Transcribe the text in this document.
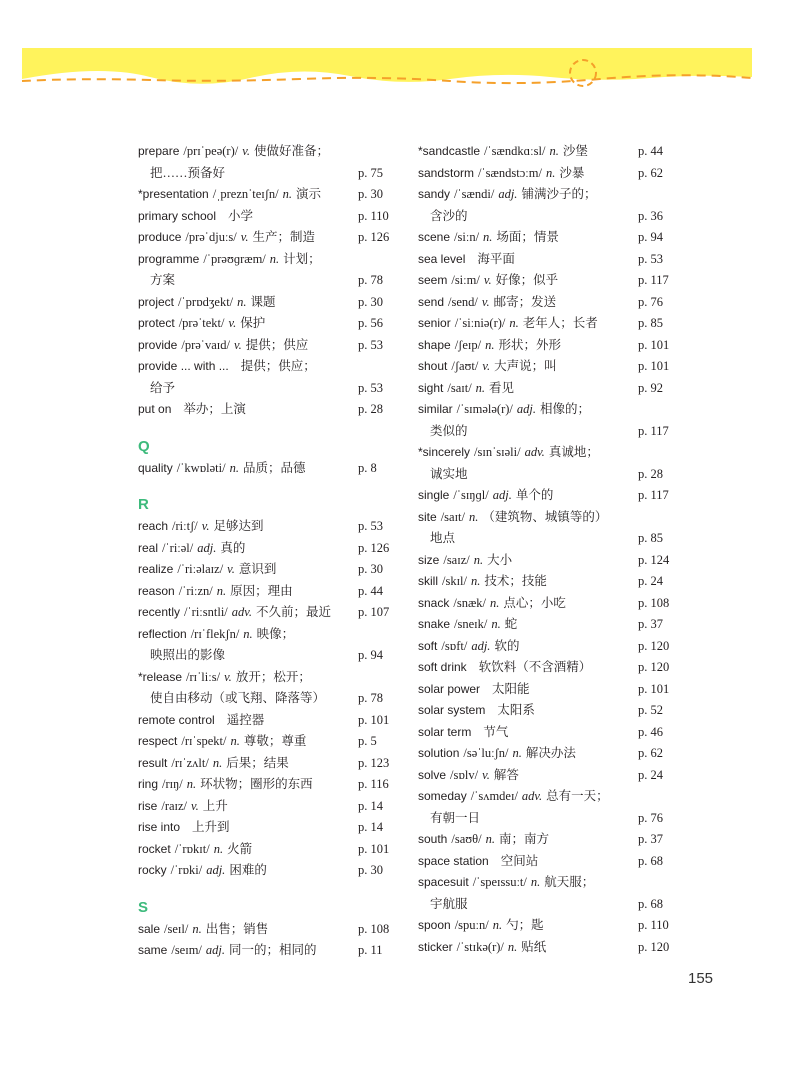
prepare /prɪˈpeə(r)/ v. 使做好准备；
把……预备好	p. 75
*presentation /ˌpreznˈteɪʃn/ n. 演示	p. 30
primary school 小学	p. 110
produce /prəˈdjuːs/ v. 生产；制造	p. 126
programme /ˈprəʊɡræm/ n. 计划；
方案	p. 78
project /ˈprɒdʒekt/ n. 课题	p. 30
protect /prəˈtekt/ v. 保护	p. 56
provide /prəˈvaɪd/ v. 提供；供应	p. 53
provide ... with ... 提供；供应；
给予	p. 53
put on 举办；上演	p. 28
Q
quality /ˈkwɒləti/ n. 品质；品德	p. 8
R
reach /riːtʃ/ v. 足够达到	p. 53
real /ˈriːəl/ adj. 真的	p. 126
realize /ˈriːəlaɪz/ v. 意识到	p. 30
reason /ˈriːzn/ n. 原因；理由	p. 44
recently /ˈriːsntli/ adv. 不久前；最近 p. 107
reflection /rɪˈflekʃn/ n. 映像；
映照出的影像	p. 94
*release /rɪˈliːs/ v. 放开；松开；
使自由移动（或飞翔、降落等）	p. 78
remote control 遥控器	p. 101
respect /rɪˈspekt/ n. 尊敬；尊重	p. 5
result /rɪˈzʌlt/ n. 后果；结果	p. 123
ring /rɪŋ/ n. 环状物；圈形的东西	p. 116
rise /raɪz/ v. 上升	p. 14
rise into 上升到	p. 14
rocket /ˈrɒkɪt/ n. 火箭	p. 101
rocky /ˈrɒki/ adj. 困难的	p. 30
S
sale /seɪl/ n. 出售；销售	p. 108
same /seɪm/ adj. 同一的；相同的	p. 11
*sandcastle /ˈsændkɑːsl/ n. 沙堡	p. 44
sandstorm /ˈsændstɔːm/ n. 沙暴	p. 62
sandy /ˈsændi/ adj. 铺满沙子的；
含沙的	p. 36
scene /siːn/ n. 场面；情景	p. 94
sea level 海平面	p. 53
seem /siːm/ v. 好像；似乎	p. 117
send /send/ v. 邮寄；发送	p. 76
senior /ˈsiːniə(r)/ n. 老年人；长者	p. 85
shape /ʃeɪp/ n. 形状；外形	p. 101
shout /ʃaʊt/ v. 大声说；叫	p. 101
sight /saɪt/ n. 看见	p. 92
similar /ˈsɪmələ(r)/ adj. 相像的；
类似的	p. 117
*sincerely /sɪnˈsɪəli/ adv. 真诚地；
诚实地	p. 28
single /ˈsɪŋɡl/ adj. 单个的	p. 117
site /saɪt/ n. （建筑物、城镇等的）
地点	p. 85
size /saɪz/ n. 大小	p. 124
skill /skɪl/ n. 技术；技能	p. 24
snack /snæk/ n. 点心；小吃	p. 108
snake /sneɪk/ n. 蛇	p. 37
soft /sɒft/ adj. 软的	p. 120
soft drink 软饮料（不含酒精）	p. 120
solar power 太阳能	p. 101
solar system 太阳系	p. 52
solar term 节气	p. 46
solution /səˈluːʃn/ n. 解决办法	p. 62
solve /sɒlv/ v. 解答	p. 24
someday /ˈsʌmdeɪ/ adv. 总有一天；
有朝一日	p. 76
south /saʊθ/ n. 南；南方	p. 37
space station 空间站	p. 68
spacesuit /ˈspeɪssuːt/ n. 航天服；
宇航服	p. 68
spoon /spuːn/ n. 勺；匙	p. 110
sticker /ˈstɪkə(r)/ n. 贴纸	p. 120
155
